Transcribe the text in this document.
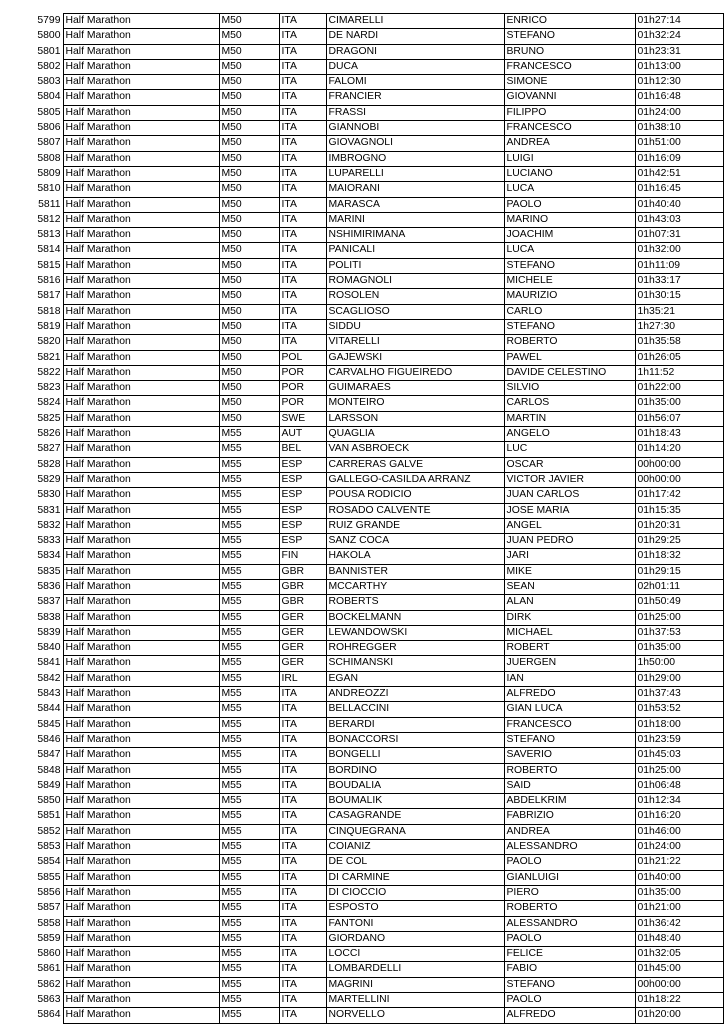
5799	Half Marathon	M50	ITA	CIMARELLI	ENRICO	01h27:14
5800	Half Marathon	M50	ITA	DE NARDI	STEFANO	01h32:24
5801	Half Marathon	M50	ITA	DRAGONI	BRUNO	01h23:31
5802	Half Marathon	M50	ITA	DUCA	FRANCESCO	01h13:00
5803	Half Marathon	M50	ITA	FALOMI	SIMONE	01h12:30
5804	Half Marathon	M50	ITA	FRANCIER	GIOVANNI	01h16:48
5805	Half Marathon	M50	ITA	FRASSI	FILIPPO	01h24:00
5806	Half Marathon	M50	ITA	GIANNOBI	FRANCESCO	01h38:10
5807	Half Marathon	M50	ITA	GIOVAGNOLI	ANDREA	01h51:00
5808	Half Marathon	M50	ITA	IMBROGNO	LUIGI	01h16:09
5809	Half Marathon	M50	ITA	LUPARELLI	LUCIANO	01h42:51
5810	Half Marathon	M50	ITA	MAIORANI	LUCA	01h16:45
5811	Half Marathon	M50	ITA	MARASCA	PAOLO	01h40:40
5812	Half Marathon	M50	ITA	MARINI	MARINO	01h43:03
5813	Half Marathon	M50	ITA	NSHIMIRIMANA	JOACHIM	01h07:31
5814	Half Marathon	M50	ITA	PANICALI	LUCA	01h32:00
5815	Half Marathon	M50	ITA	POLITI	STEFANO	01h11:09
5816	Half Marathon	M50	ITA	ROMAGNOLI	MICHELE	01h33:17
5817	Half Marathon	M50	ITA	ROSOLEN	MAURIZIO	01h30:15
5818	Half Marathon	M50	ITA	SCAGLIOSO	CARLO	1h35:21
5819	Half Marathon	M50	ITA	SIDDU	STEFANO	1h27:30
5820	Half Marathon	M50	ITA	VITARELLI	ROBERTO	01h35:58
5821	Half Marathon	M50	POL	GAJEWSKI	PAWEL	01h26:05
5822	Half Marathon	M50	POR	CARVALHO FIGUEIREDO	DAVIDE CELESTINO	1h11:52
5823	Half Marathon	M50	POR	GUIMARAES	SILVIO	01h22:00
5824	Half Marathon	M50	POR	MONTEIRO	CARLOS	01h35:00
5825	Half Marathon	M50	SWE	LARSSON	MARTIN	01h56:07
5826	Half Marathon	M55	AUT	QUAGLIA	ANGELO	01h18:43
5827	Half Marathon	M55	BEL	VAN ASBROECK	LUC	01h14:20
5828	Half Marathon	M55	ESP	CARRERAS GALVE	OSCAR	00h00:00
5829	Half Marathon	M55	ESP	GALLEGO-CASILDA ARRANZ	VICTOR JAVIER	00h00:00
5830	Half Marathon	M55	ESP	POUSA RODICIO	JUAN CARLOS	01h17:42
5831	Half Marathon	M55	ESP	ROSADO CALVENTE	JOSE MARIA	01h15:35
5832	Half Marathon	M55	ESP	RUIZ GRANDE	ANGEL	01h20:31
5833	Half Marathon	M55	ESP	SANZ COCA	JUAN PEDRO	01h29:25
5834	Half Marathon	M55	FIN	HAKOLA	JARI	01h18:32
5835	Half Marathon	M55	GBR	BANNISTER	MIKE	01h29:15
5836	Half Marathon	M55	GBR	MCCARTHY	SEAN	02h01:11
5837	Half Marathon	M55	GBR	ROBERTS	ALAN	01h50:49
5838	Half Marathon	M55	GER	BOCKELMANN	DIRK	01h25:00
5839	Half Marathon	M55	GER	LEWANDOWSKI	MICHAEL	01h37:53
5840	Half Marathon	M55	GER	ROHREGGER	ROBERT	01h35:00
5841	Half Marathon	M55	GER	SCHIMANSKI	JUERGEN	1h50:00
5842	Half Marathon	M55	IRL	EGAN	IAN	01h29:00
5843	Half Marathon	M55	ITA	ANDREOZZI	ALFREDO	01h37:43
5844	Half Marathon	M55	ITA	BELLACCINI	GIAN LUCA	01h53:52
5845	Half Marathon	M55	ITA	BERARDI	FRANCESCO	01h18:00
5846	Half Marathon	M55	ITA	BONACCORSI	STEFANO	01h23:59
5847	Half Marathon	M55	ITA	BONGELLI	SAVERIO	01h45:03
5848	Half Marathon	M55	ITA	BORDINO	ROBERTO	01h25:00
5849	Half Marathon	M55	ITA	BOUDALIA	SAID	01h06:48
5850	Half Marathon	M55	ITA	BOUMALIK	ABDELKRIM	01h12:34
5851	Half Marathon	M55	ITA	CASAGRANDE	FABRIZIO	01h16:20
5852	Half Marathon	M55	ITA	CINQUEGRANA	ANDREA	01h46:00
5853	Half Marathon	M55	ITA	COIANIZ	ALESSANDRO	01h24:00
5854	Half Marathon	M55	ITA	DE COL	PAOLO	01h21:22
5855	Half Marathon	M55	ITA	DI CARMINE	GIANLUIGI	01h40:00
5856	Half Marathon	M55	ITA	DI CIOCCIO	PIERO	01h35:00
5857	Half Marathon	M55	ITA	ESPOSTO	ROBERTO	01h21:00
5858	Half Marathon	M55	ITA	FANTONI	ALESSANDRO	01h36:42
5859	Half Marathon	M55	ITA	GIORDANO	PAOLO	01h48:40
5860	Half Marathon	M55	ITA	LOCCI	FELICE	01h32:05
5861	Half Marathon	M55	ITA	LOMBARDELLI	FABIO	01h45:00
5862	Half Marathon	M55	ITA	MAGRINI	STEFANO	00h00:00
5863	Half Marathon	M55	ITA	MARTELLINI	PAOLO	01h18:22
5864	Half Marathon	M55	ITA	NORVELLO	ALFREDO	01h20:00
